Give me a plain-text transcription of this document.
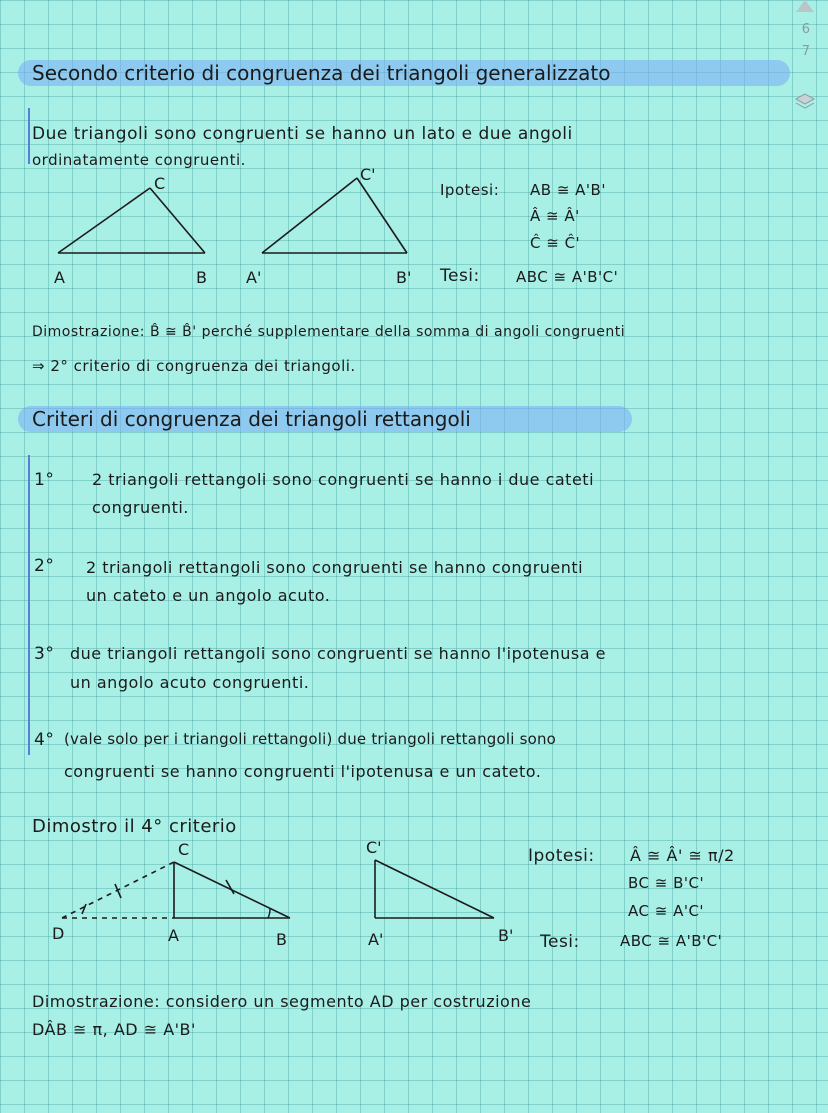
6
7
Secondo criterio di congruenza dei triangoli generalizzato
Due triangoli sono congruenti se hanno un lato e due angoli
ordinatamente congruenti.
C
A	B
C'
A'	B'
Ipotesi: AB ≅ A'B'
Â ≅ Â'
Ĉ ≅ Ĉ'
Tesi: ABC ≅ A'B'C'
Dimostrazione: B̂ ≅ B̂' perché supplementare della somma di angoli congruenti
⇒ 2° criterio di congruenza dei triangoli.
Criteri di congruenza dei triangoli rettangoli
1° 2 triangoli rettangoli sono congruenti se hanno i due cateti
congruenti.
2° 2 triangoli rettangoli sono congruenti se hanno congruenti
un cateto e un angolo acuto.
3° due triangoli rettangoli sono congruenti se hanno l'ipotenusa e
un angolo acuto congruenti.
4° (vale solo per i triangoli rettangoli) due triangoli rettangoli sono
congruenti se hanno congruenti l'ipotenusa e un cateto.
Dimostro il 4° criterio
C
D	A	B
C'
A'	B'
Ipotesi: Â ≅ Â' ≅ π/2
BC ≅ B'C'
AC ≅ A'C'
Tesi:	ABC ≅ A'B'C'
Dimostrazione: considero un segmento AD per costruzione
DÂB ≅ π, AD ≅ A'B'
